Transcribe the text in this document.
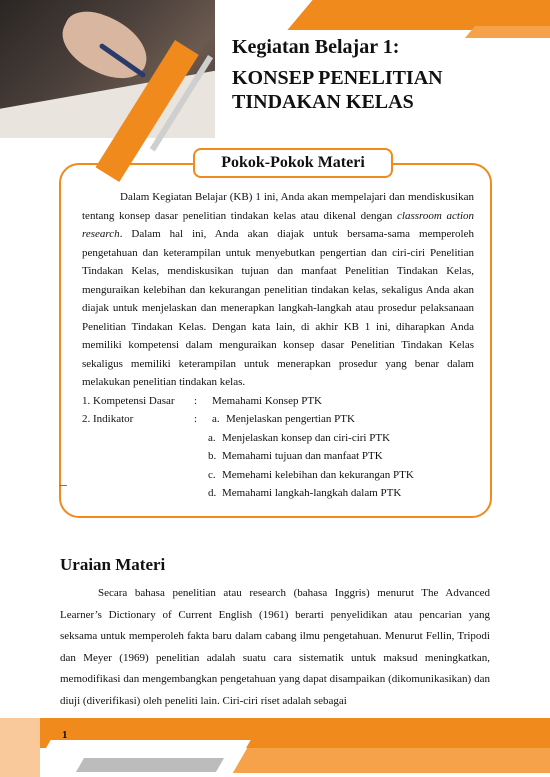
Kegiatan Belajar 1:
KONSEP PENELITIAN TINDAKAN KELAS
Pokok-Pokok Materi

Dalam Kegiatan Belajar (KB) 1 ini, Anda akan mempelajari dan mendiskusikan tentang konsep dasar penelitian tindakan kelas atau dikenal dengan classroom action research. Dalam hal ini, Anda akan diajak untuk bersama-sama memperoleh pengetahuan dan keterampilan untuk menyebutkan pengertian dan ciri-ciri Penelitian Tindakan Kelas, mendiskusikan tujuan dan manfaat Penelitian Tindakan Kelas, menguraikan kelebihan dan kekurangan penelitian tindakan kelas, sekaligus Anda akan diajak untuk menjelaskan dan menerapkan langkah-langkah atau prosedur pelaksanaan Penelitian Tindakan Kelas. Dengan kata lain, di akhir KB 1 ini, diharapkan Anda memiliki kompetensi dalam menguraikan konsep dasar Penelitian Tindakan Kelas sekaligus memiliki keterampilan untuk menerapkan prosedur yang benar dalam melakukan penelitian tindakan kelas.

1. Kompetensi Dasar	:	Memahami Konsep PTK
2. Indikator	:	a. Menjelaskan pengertian PTK
a. Menjelaskan konsep dan ciri-ciri PTK
b. Memahami tujuan dan manfaat PTK
c. Memehami kelebihan dan kekurangan PTK
d. Memahami langkah-langkah dalam PTK
Uraian Materi

Secara bahasa penelitian atau research (bahasa Inggris) menurut The Advanced Learner’s Dictionary of Current English (1961) berarti penyelidikan atau pencarian yang seksama untuk memperoleh fakta baru dalam cabang ilmu pengetahuan. Menurut Fellin, Tripodi dan Meyer (1969) penelitian adalah suatu cara sistematik untuk maksud meningkatkan, memodifikasi dan mengembangkan pengetahuan yang dapat disampaikan (dikomunikasikan) dan diuji (diverifikasi) oleh peneliti lain. Ciri-ciri riset adalah sebagai

1
